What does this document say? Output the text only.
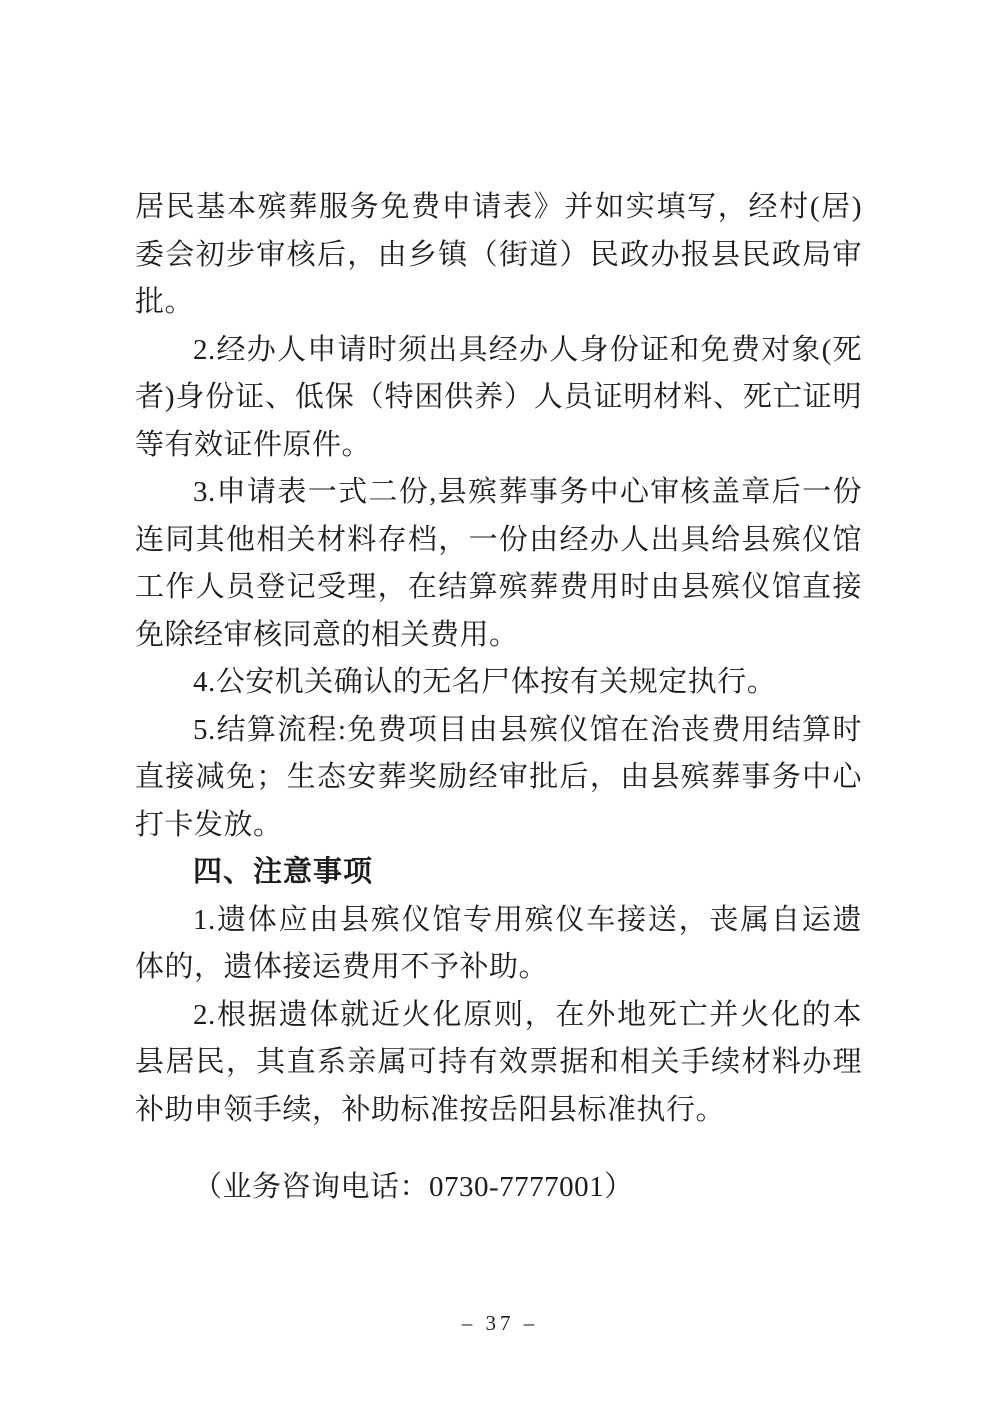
居民基本殡葬服务免费申请表》并如实填写，经村(居)委会初步审核后，由乡镇（街道）民政办报县民政局审批。

2.经办人申请时须出具经办人身份证和免费对象(死者)身份证、低保（特困供养）人员证明材料、死亡证明等有效证件原件。

3.申请表一式二份,县殡葬事务中心审核盖章后一份连同其他相关材料存档，一份由经办人出具给县殡仪馆工作人员登记受理，在结算殡葬费用时由县殡仪馆直接免除经审核同意的相关费用。

4.公安机关确认的无名尸体按有关规定执行。

5.结算流程:免费项目由县殡仪馆在治丧费用结算时直接减免；生态安葬奖励经审批后，由县殡葬事务中心打卡发放。

四、注意事项

1.遗体应由县殡仪馆专用殡仪车接送，丧属自运遗体的，遗体接运费用不予补助。

2.根据遗体就近火化原则，在外地死亡并火化的本县居民，其直系亲属可持有效票据和相关手续材料办理补助申领手续，补助标准按岳阳县标准执行。

（业务咨询电话：0730-7777001）

– 37 –
